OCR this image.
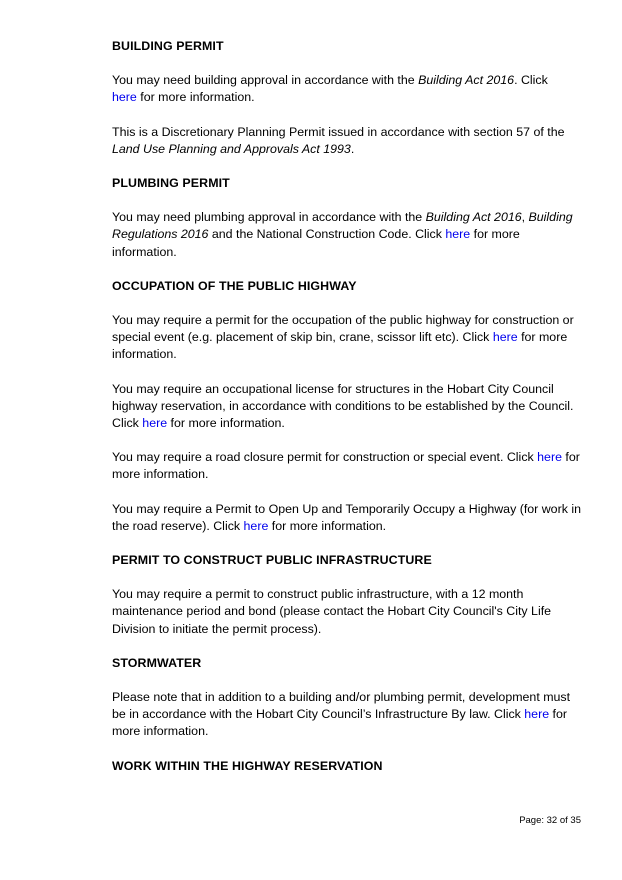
BUILDING PERMIT

You may need building approval in accordance with the Building Act 2016. Click
here for more information.

This is a Discretionary Planning Permit issued in accordance with section 57 of the Land Use Planning and Approvals Act 1993.

PLUMBING PERMIT

You may need plumbing approval in accordance with the Building Act 2016, Building Regulations 2016 and the National Construction Code. Click here for more information.

OCCUPATION OF THE PUBLIC HIGHWAY

You may require a permit for the occupation of the public highway for construction or special event (e.g. placement of skip bin, crane, scissor lift etc). Click here for more information.

You may require an occupational license for structures in the Hobart City Council highway reservation, in accordance with conditions to be established by the Council. Click here for more information.

You may require a road closure permit for construction or special event. Click here for more information.

You may require a Permit to Open Up and Temporarily Occupy a Highway (for work in the road reserve). Click here for more information.

PERMIT TO CONSTRUCT PUBLIC INFRASTRUCTURE

You may require a permit to construct public infrastructure, with a 12 month maintenance period and bond (please contact the Hobart City Council's City Life Division to initiate the permit process).

STORMWATER

Please note that in addition to a building and/or plumbing permit, development must be in accordance with the Hobart City Council’s Infrastructure By law. Click here for more information.

WORK WITHIN THE HIGHWAY RESERVATION
Page: 32 of 35
